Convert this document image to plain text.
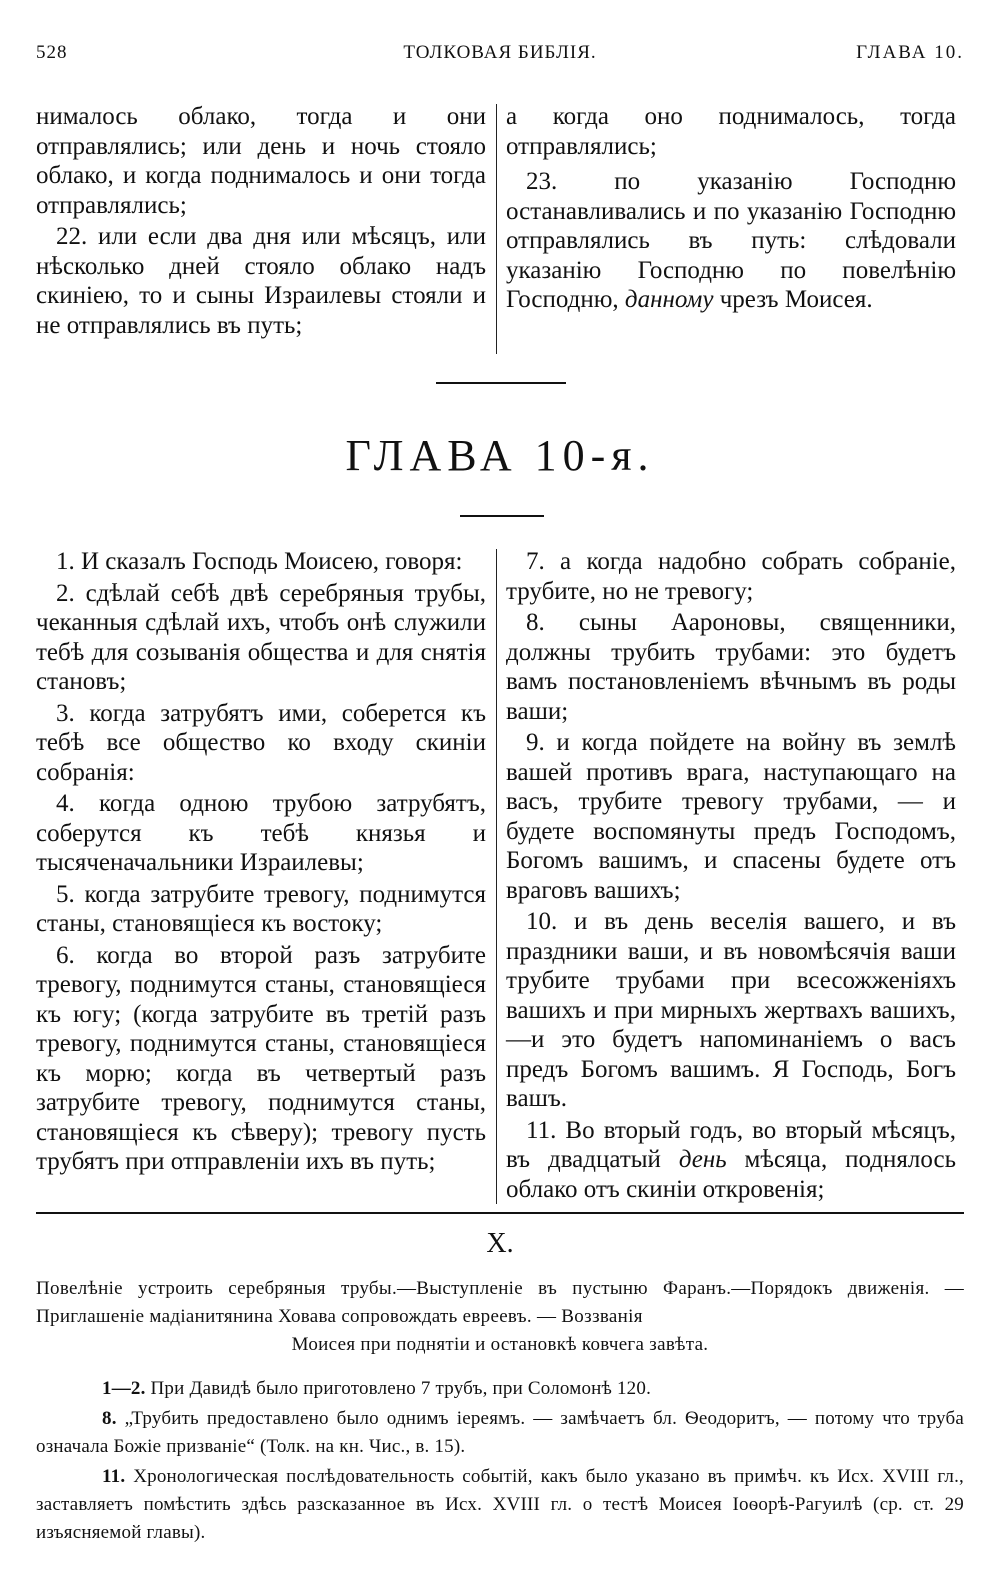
528	ТОЛКОВАЯ БИБЛІЯ.	ГЛАВА 10.

нималось облако, тогда и они отправлялись; или день и ночь стояло облако, и когда поднималось и они тогда отправлялись;

22. или если два дня или мѣсяцъ, или нѣсколько дней стояло облако надъ скиніею, то и сыны Израилевы стояли и не отправлялись въ путь;

а когда оно поднималось, тогда отправлялись;

23. по указанію Господню останавливались и по указанію Господню отправлялись въ путь: слѣдовали указанію Господню по повелѣнію Господню, данному чрезъ Моисея.

ГЛАВА 10-я.

1. И сказалъ Господь Моисею, говоря:

2. сдѣлай себѣ двѣ серебряныя трубы, чеканныя сдѣлай ихъ, чтобъ онѣ служили тебѣ для созыванія общества и для снятія становъ;

3. когда затрубятъ ими, соберется къ тебѣ все общество ко входу скиніи собранія:

4. когда одною трубою затрубятъ, соберутся къ тебѣ князья и тысяченачальники Израилевы;

5. когда затрубите тревогу, поднимутся станы, становящіеся къ востоку;

6. когда во второй разъ затрубите тревогу, поднимутся станы, становящіеся къ югу; (когда затрубите въ третій разъ тревогу, поднимутся станы, становящіеся къ морю; когда въ четвертый разъ затрубите тревогу, поднимутся станы, становящіеся къ сѣверу); тревогу пусть трубятъ при отправленіи ихъ въ путь;

7. а когда надобно собрать собраніе, трубите, но не тревогу;

8. сыны Аароновы, священники, должны трубить трубами: это будетъ вамъ постановленіемъ вѣчнымъ въ роды ваши;

9. и когда пойдете на войну въ землѣ вашей противъ врага, наступающаго на васъ, трубите тревогу трубами, — и будете воспомянуты предъ Господомъ, Богомъ вашимъ, и спасены будете отъ враговъ вашихъ;

10. и въ день веселія вашего, и въ праздники ваши, и въ новомѣсячія ваши трубите трубами при всесожженіяхъ вашихъ и при мирныхъ жертвахъ вашихъ,—и это будетъ напоминаніемъ о васъ предъ Богомъ вашимъ. Я Господь, Богъ вашъ.

11. Во вторый годъ, во вторый мѣсяцъ, въ двадцатый день мѣсяца, поднялось облако отъ скиніи откровенія;

X.
Повелѣніе устроить серебряныя трубы.—Выступленіе въ пустыню Фаранъ.—Порядокъ движенія. — Приглашеніе мадіанитянина Ховава сопровождать евреевъ. — Воззванія
Моисея при поднятіи и остановкѣ ковчега завѣта.

1—2. При Давидѣ было приготовлено 7 трубъ, при Соломонѣ 120.

8. „Трубить предоставлено было однимъ іереямъ. — замѣчаетъ бл. Ѳеодоритъ, — потому что труба означала Божіе призваніе“ (Толк. на кн. Чис., в. 15).

11. Хронологическая послѣдовательность событій, какъ было указано въ примѣч. къ Исх. XVIII гл., заставляетъ помѣстить здѣсь разсказанное въ Исх. XVIII гл. о тестѣ Моисея Іоѳорѣ-Рагуилѣ (ср. ст. 29 изъясняемой главы).
